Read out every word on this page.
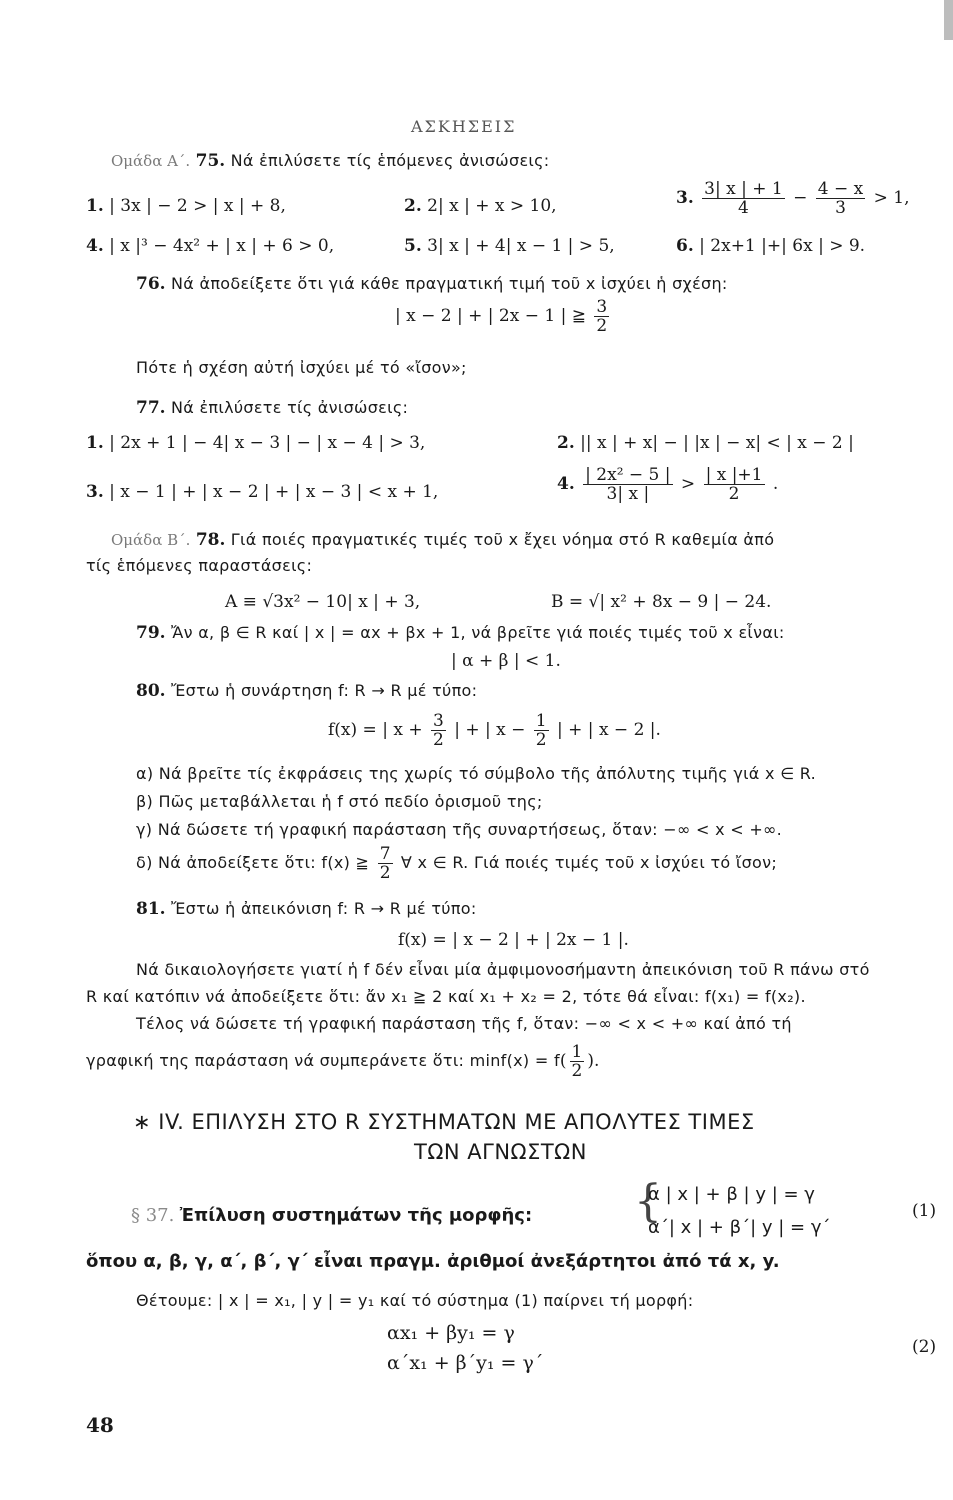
ΑΣΚΗΣΕΙΣ
Ομάδα Α΄. 75. Νά ἐπιλύσετε τίς ἑπόμενες ἀνισώσεις:
1. | 3x | − 2 > | x | + 8,	2. 2| x | + x > 10,	3. $\frac{3| x | + 1}{4} - \frac{4 - x}{3} > 1$,
4. | x |³ − 4x² + | x | + 6 > 0,	5. 3| x | + 4| x − 1 | > 5,	6. | 2x+1 |+| 6x | > 9.
76. Νά ἀποδείξετε ὅτι γιά κάθε πραγματική τιμή τοῦ x ἰσχύει ἡ σχέση:
| x − 2 | + | 2x − 1 | ≧ $\frac{3}{2}$
Πότε ἡ σχέση αὐτή ἰσχύει μέ τό «ἴσον»;
77. Νά ἐπιλύσετε τίς ἀνισώσεις:
1. | 2x + 1 | − 4| x − 3 | − | x − 4 | > 3,	2. || x | + x| − | |x | − x| < | x − 2 |
3. | x − 1 | + | x − 2 | + | x − 3 | < x + 1,	4. $\frac{\text{| 2x² − 5 |}}{3| x |} > \frac{| x |+1}{2}$ .
Ομάδα Β΄. 78. Γιά ποιές πραγματικές τιμές τοῦ x ἔχει νόημα στό R καθεμία ἀπό
τίς ἑπόμενες παραστάσεις:
A ≡ √3x² − 10| x | + 3,	B = √| x² + 8x − 9 | − 24.
79. Ἄν α, β ∈ R καί | x | = αx + βx + 1, νά βρεῖτε γιά ποιές τιμές τοῦ x εἶναι:
| α + β | < 1.
80. Ἔστω ἡ συνάρτηση f: R → R μέ τύπο:
f(x) = | $x + \frac{3}{2}$ | + | $x - \frac{1}{2}$ | + | x − 2 |.
α) Νά βρεῖτε τίς ἐκφράσεις της χωρίς τό σύμβολο τῆς ἀπόλυτης τιμῆς γιά x ∈ R.
β) Πῶς μεταβάλλεται ἡ f στό πεδίο ὁρισμοῦ της;
γ) Νά δώσετε τή γραφική παράσταση τῆς συναρτήσεως, ὅταν: −∞ < x < +∞.
δ) Νά ἀποδείξετε ὅτι: f(x) ≧ $\frac{7}{2}$ ∀ x ∈ R. Γιά ποιές τιμές τοῦ x ἰσχύει τό ἴσον;
81. Ἔστω ἡ ἀπεικόνιση f: R → R μέ τύπο:
f(x) = | x − 2 | + | 2x − 1 |.
Νά δικαιολογήσετε γιατί ἡ f δέν εἶναι μία ἀμφιμονοσήμαντη ἀπεικόνιση τοῦ R πάνω στό
R καί κατόπιν νά ἀποδείξετε ὅτι: ἄν x₁ ≧ 2 καί x₁ + x₂ = 2, τότε θά εἶναι: f(x₁) = f(x₂).
Τέλος νά δώσετε τή γραφική παράσταση τῆς f, ὅταν: −∞ < x < +∞ καί ἀπό τή
γραφική της παράσταση νά συμπεράνετε ὅτι: $\min f(x) = f( \frac{1}{2}$ ).
∗ IV. ΕΠΙΛΥΣΗ ΣΤΟ R ΣΥΣΤΗΜΑΤΩΝ ΜΕ ΑΠΟΛΥΤΕΣ ΤΙΜΕΣ
ΤΩΝ ΑΓΝΩΣΤΩΝ
§ 37. Ἐπίλυση συστημάτων τῆς μορφῆς: {
α | x | + β | y | = γ
α΄| x | + β΄| y | = γ΄
(1)
ὅπου α, β, γ, α΄, β΄, γ΄ εἶναι πραγμ. ἀριθμοί ἀνεξάρτητοι ἀπό τά x, y.
Θέτουμε: | x | = x₁, | y | = y₁ καί τό σύστημα (1) παίρνει τή μορφή:
αx₁ + βy₁ = γ
α΄x₁ + β΄y₁ = γ΄
(2)
48
